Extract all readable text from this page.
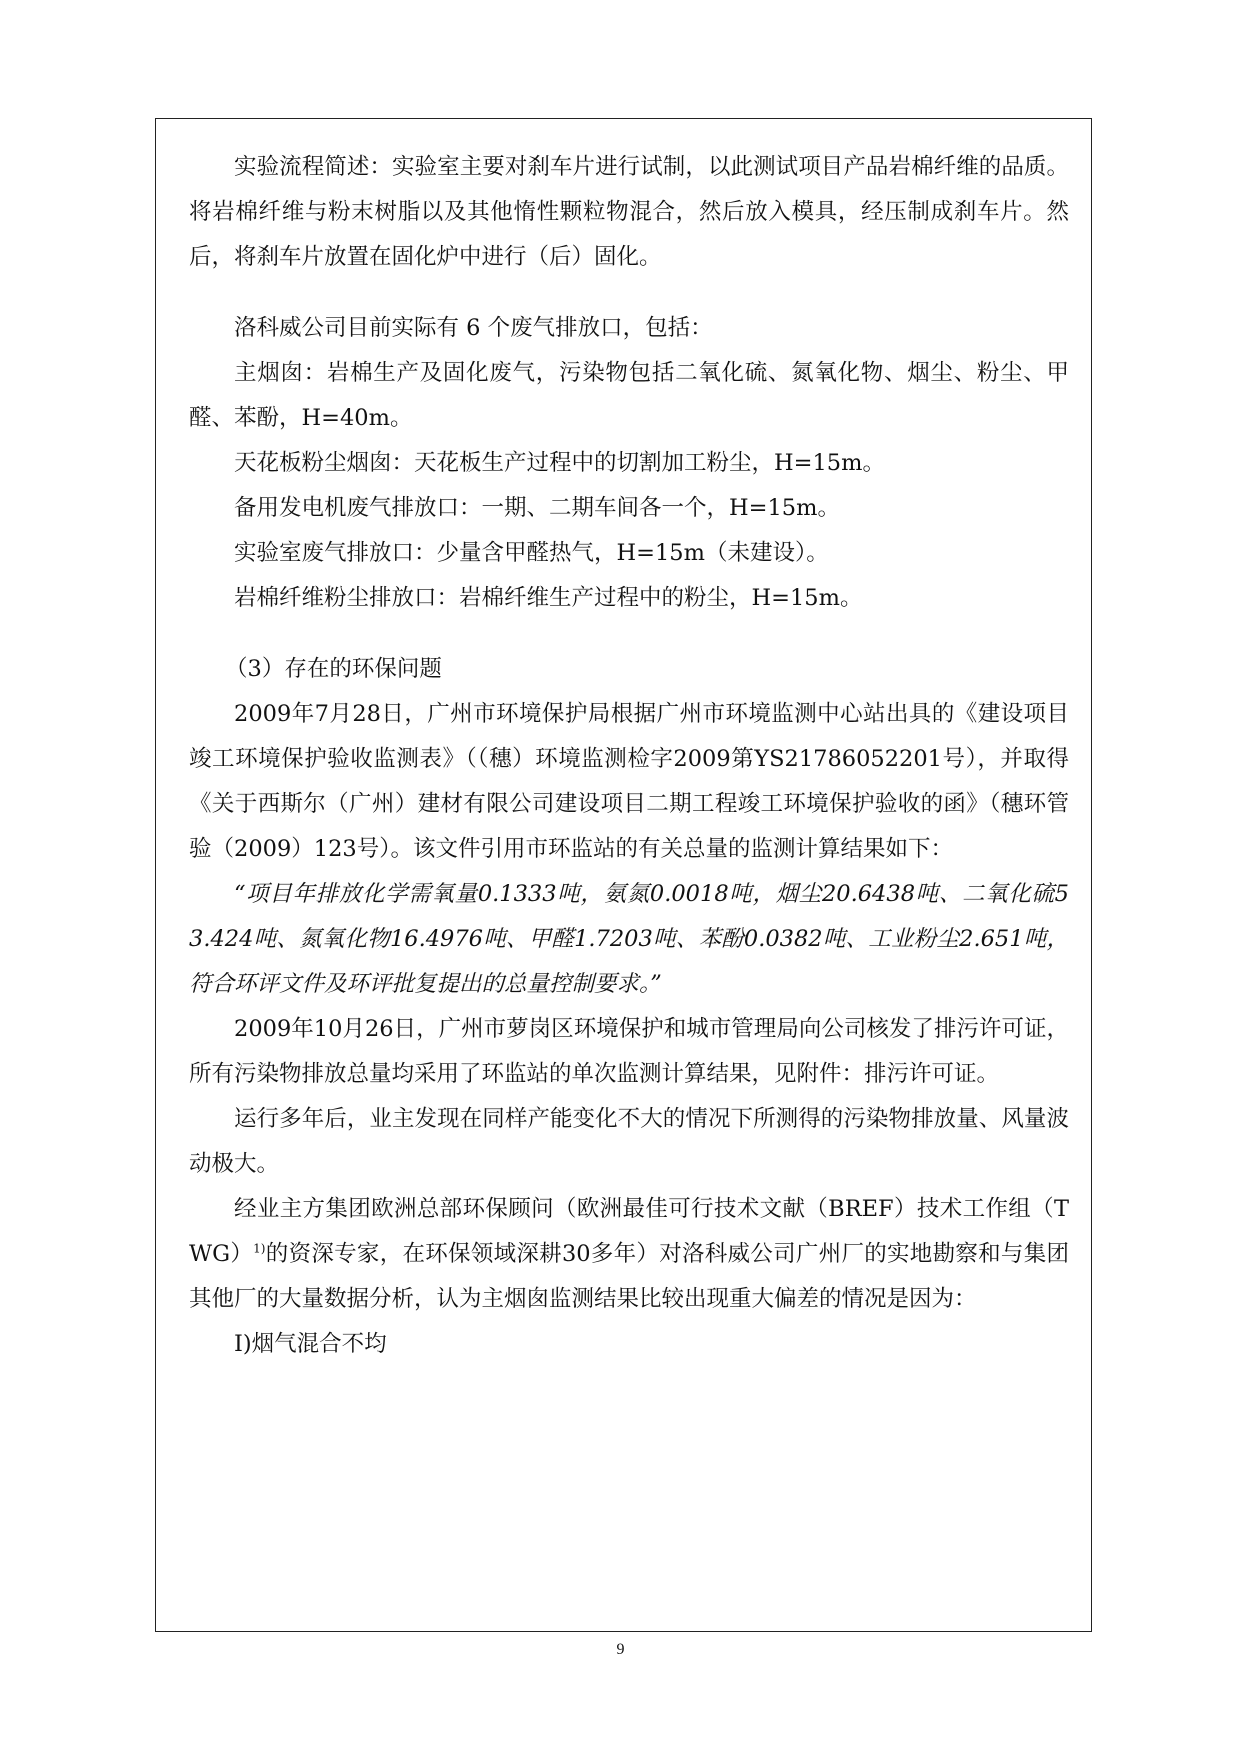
实验流程简述：实验室主要对刹车片进行试制，以此测试项目产品岩棉纤维的品质。将岩棉纤维与粉末树脂以及其他惰性颗粒物混合，然后放入模具，经压制成刹车片。然后，将刹车片放置在固化炉中进行（后）固化。

洛科威公司目前实际有 6 个废气排放口，包括：

主烟囱：岩棉生产及固化废气，污染物包括二氧化硫、氮氧化物、烟尘、粉尘、甲醛、苯酚，H=40m。

天花板粉尘烟囱：天花板生产过程中的切割加工粉尘，H=15m。

备用发电机废气排放口：一期、二期车间各一个，H=15m。

实验室废气排放口：少量含甲醛热气，H=15m（未建设）。

岩棉纤维粉尘排放口：岩棉纤维生产过程中的粉尘，H=15m。

（3）存在的环保问题

2009年7月28日，广州市环境保护局根据广州市环境监测中心站出具的《建设项目竣工环境保护验收监测表》（（穗）环境监测检字2009第YS21786052201号），并取得《关于西斯尔（广州）建材有限公司建设项目二期工程竣工环境保护验收的函》（穗环管验（2009）123号）。该文件引用市环监站的有关总量的监测计算结果如下：

“项目年排放化学需氧量0.1333吨，氨氮0.0018吨，烟尘20.6438吨、二氧化硫53.424吨、氮氧化物16.4976吨、甲醛1.7203吨、苯酚0.0382吨、工业粉尘2.651吨，符合环评文件及环评批复提出的总量控制要求。”

2009年10月26日，广州市萝岗区环境保护和城市管理局向公司核发了排污许可证，所有污染物排放总量均采用了环监站的单次监测计算结果，见附件：排污许可证。

运行多年后，业主发现在同样产能变化不大的情况下所测得的污染物排放量、风量波动极大。

经业主方集团欧洲总部环保顾问（欧洲最佳可行技术文献（BREF）技术工作组（TWG）$^{1)}$的资深专家，在环保领域深耕30多年）对洛科威公司广州厂的实地勘察和与集团其他厂的大量数据分析，认为主烟囱监测结果比较出现重大偏差的情况是因为：

I)烟气混合不均

9
